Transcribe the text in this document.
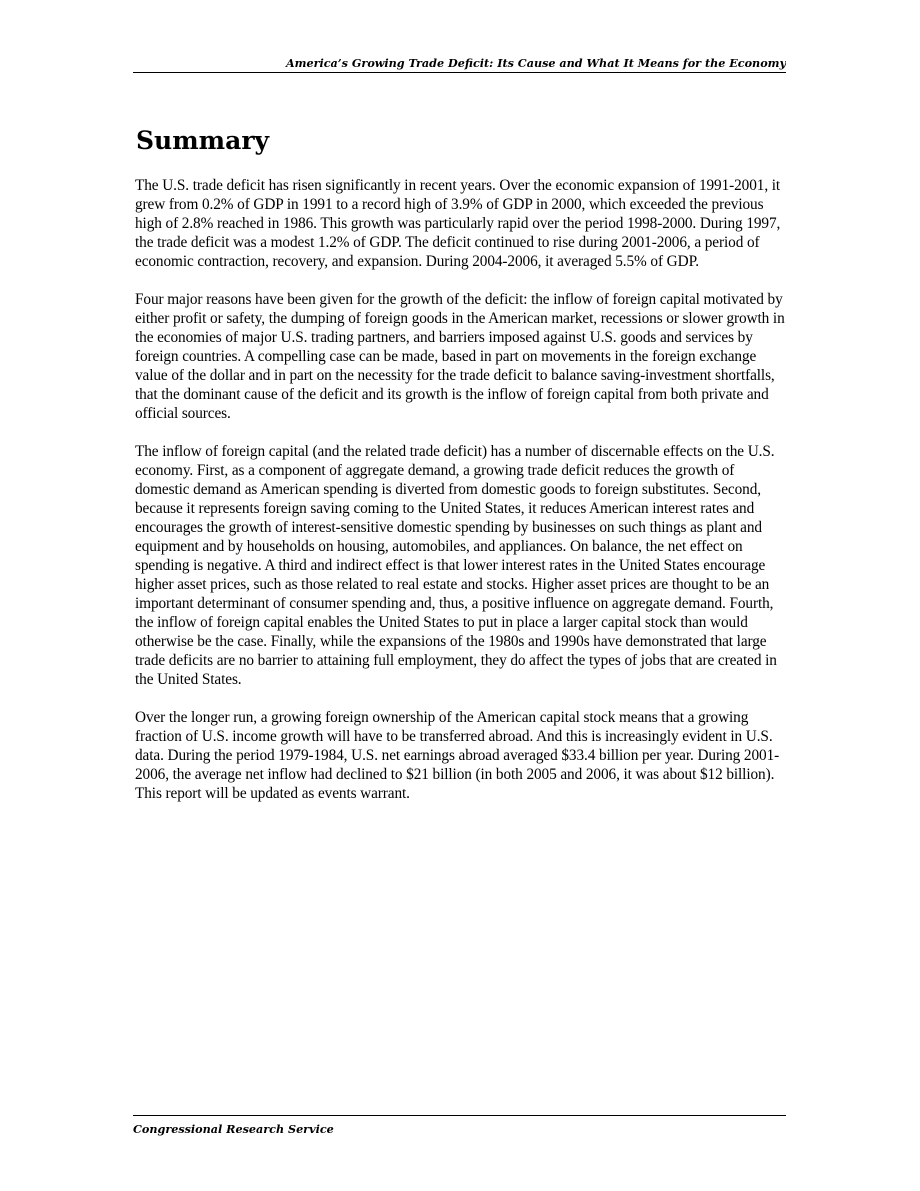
America’s Growing Trade Deficit: Its Cause and What It Means for the Economy
Summary

The U.S. trade deficit has risen significantly in recent years. Over the economic expansion of 1991-2001, it grew from 0.2% of GDP in 1991 to a record high of 3.9% of GDP in 2000, which exceeded the previous high of 2.8% reached in 1986. This growth was particularly rapid over the period 1998-2000. During 1997, the trade deficit was a modest 1.2% of GDP. The deficit continued to rise during 2001-2006, a period of economic contraction, recovery, and expansion. During 2004-2006, it averaged 5.5% of GDP.

Four major reasons have been given for the growth of the deficit: the inflow of foreign capital motivated by either profit or safety, the dumping of foreign goods in the American market, recessions or slower growth in the economies of major U.S. trading partners, and barriers imposed against U.S. goods and services by foreign countries. A compelling case can be made, based in part on movements in the foreign exchange value of the dollar and in part on the necessity for the trade deficit to balance saving-investment shortfalls, that the dominant cause of the deficit and its growth is the inflow of foreign capital from both private and official sources.

The inflow of foreign capital (and the related trade deficit) has a number of discernable effects on the U.S. economy. First, as a component of aggregate demand, a growing trade deficit reduces the growth of domestic demand as American spending is diverted from domestic goods to foreign substitutes. Second, because it represents foreign saving coming to the United States, it reduces American interest rates and encourages the growth of interest-sensitive domestic spending by businesses on such things as plant and equipment and by households on housing, automobiles, and appliances. On balance, the net effect on spending is negative. A third and indirect effect is that lower interest rates in the United States encourage higher asset prices, such as those related to real estate and stocks. Higher asset prices are thought to be an important determinant of consumer spending and, thus, a positive influence on aggregate demand. Fourth, the inflow of foreign capital enables the United States to put in place a larger capital stock than would otherwise be the case. Finally, while the expansions of the 1980s and 1990s have demonstrated that large trade deficits are no barrier to attaining full employment, they do affect the types of jobs that are created in the United States.

Over the longer run, a growing foreign ownership of the American capital stock means that a growing fraction of U.S. income growth will have to be transferred abroad. And this is increasingly evident in U.S. data. During the period 1979-1984, U.S. net earnings abroad averaged $33.4 billion per year. During 2001-2006, the average net inflow had declined to $21 billion (in both 2005 and 2006, it was about $12 billion). This report will be updated as events warrant.

Congressional Research Service
